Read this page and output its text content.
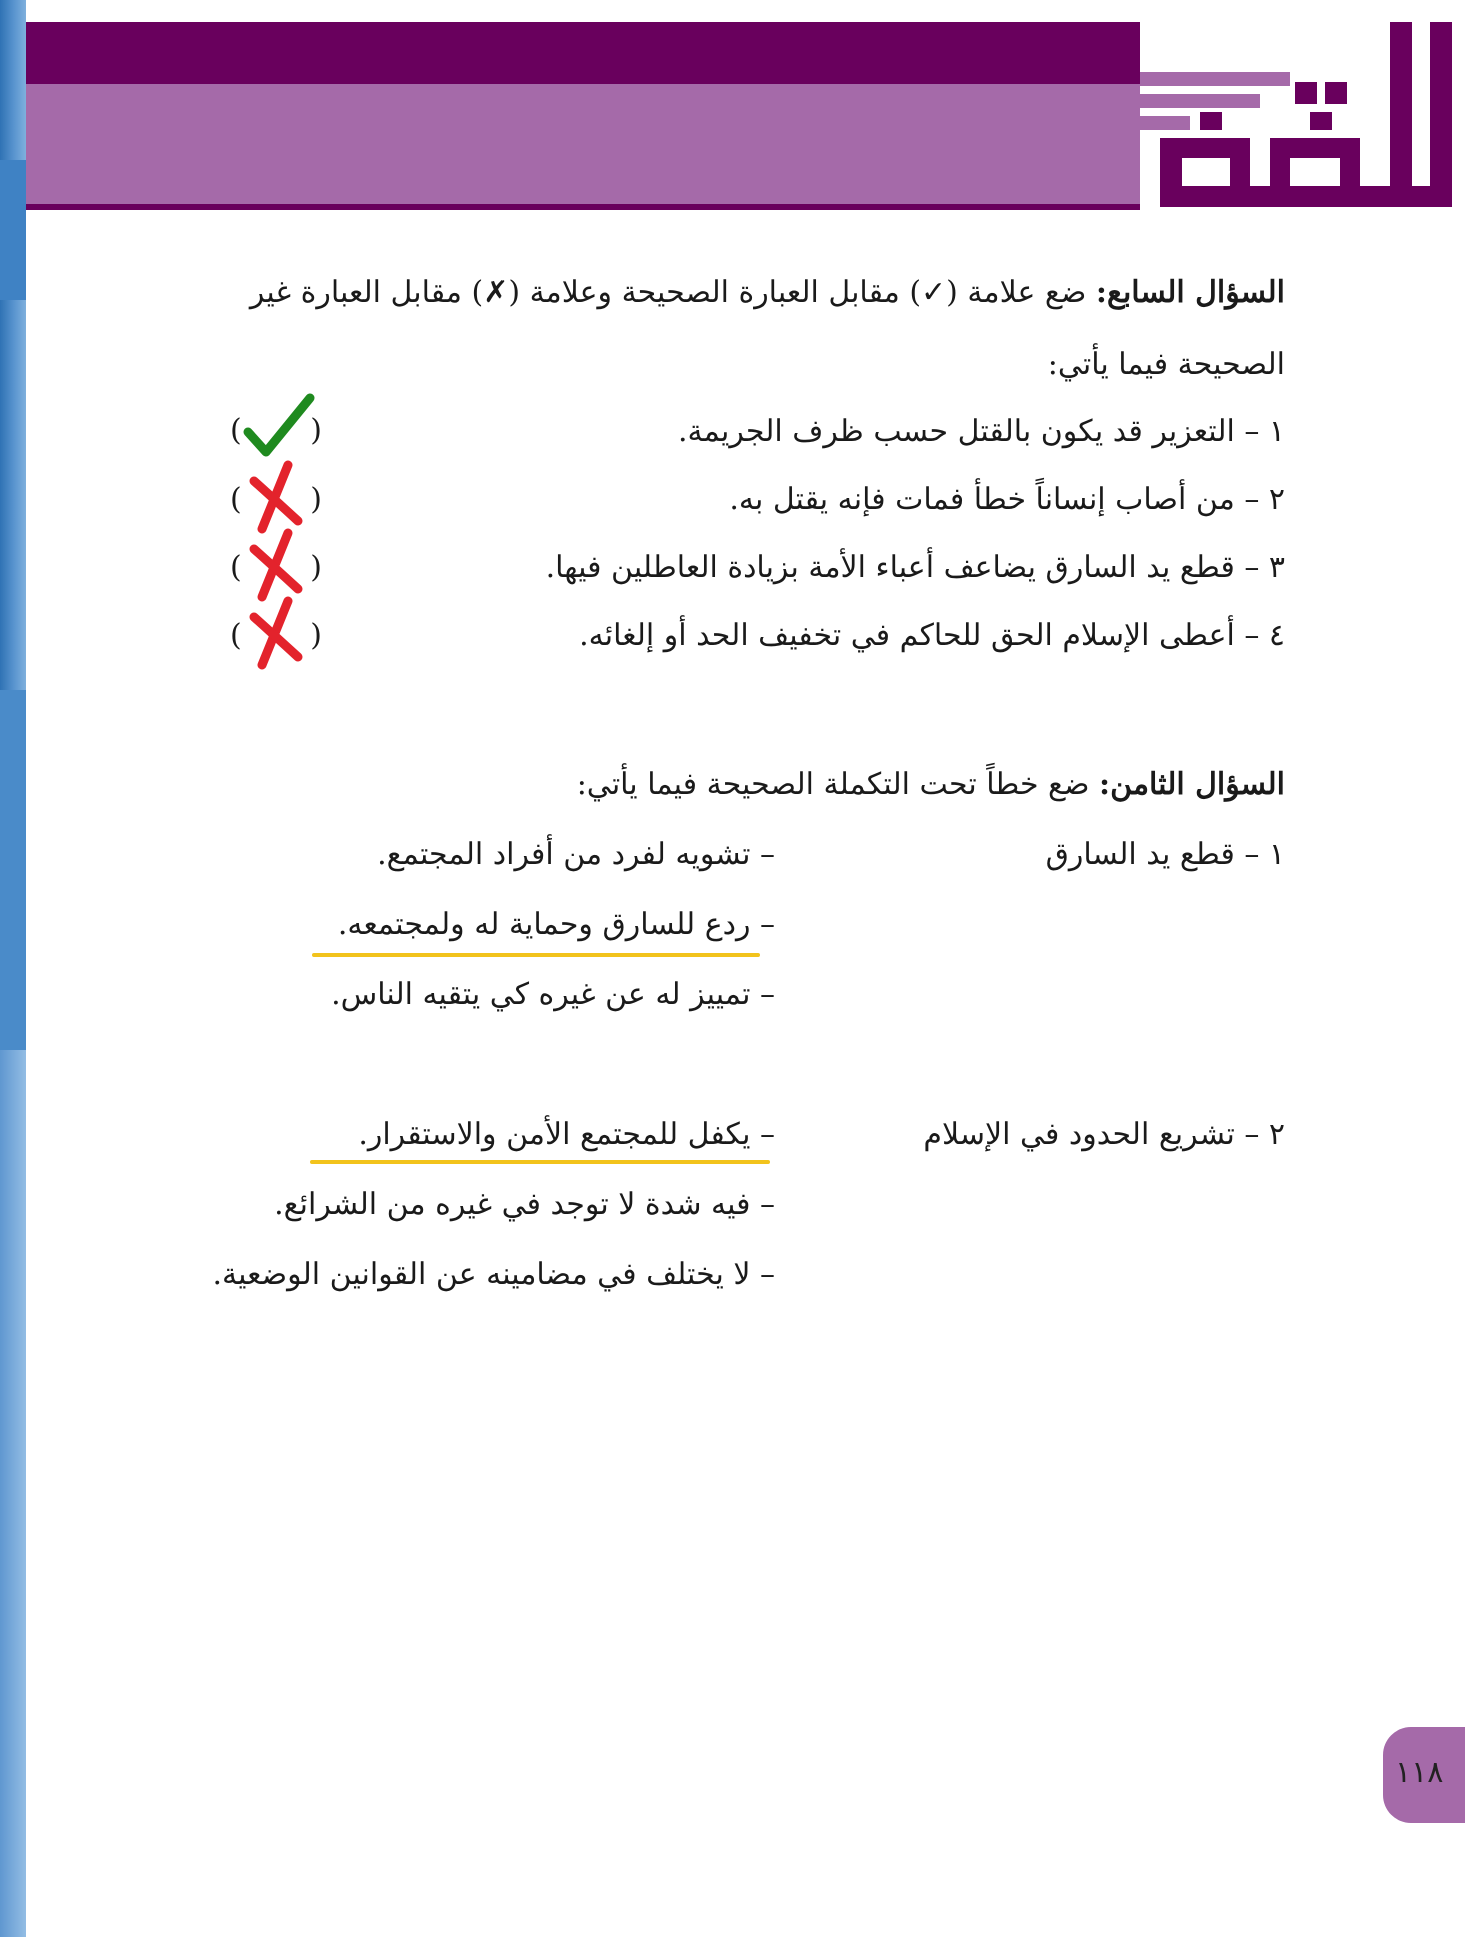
السؤال السابع: ضع علامة (✓) مقابل العبارة الصحيحة وعلامة (✗) مقابل العبارة غير
الصحيحة فيما يأتي:
١ – التعزير قد يكون بالقتل حسب ظرف الجريمة.
٢ – من أصاب إنساناً خطأ فمات فإنه يقتل به.
٣ – قطع يد السارق يضاعف أعباء الأمة بزيادة العاطلين فيها.
٤ – أعطى الإسلام الحق للحاكم في تخفيف الحد أو إلغائه.
( )
( )
( )
( )
السؤال الثامن: ضع خطاً تحت التكملة الصحيحة فيما يأتي:
١ – قطع يد السارق
– تشويه لفرد من أفراد المجتمع.
– ردع للسارق وحماية له ولمجتمعه.
– تمييز له عن غيره كي يتقيه الناس.
٢ – تشريع الحدود في الإسلام
– يكفل للمجتمع الأمن والاستقرار.
– فيه شدة لا توجد في غيره من الشرائع.
– لا يختلف في مضامينه عن القوانين الوضعية.
١١٨
